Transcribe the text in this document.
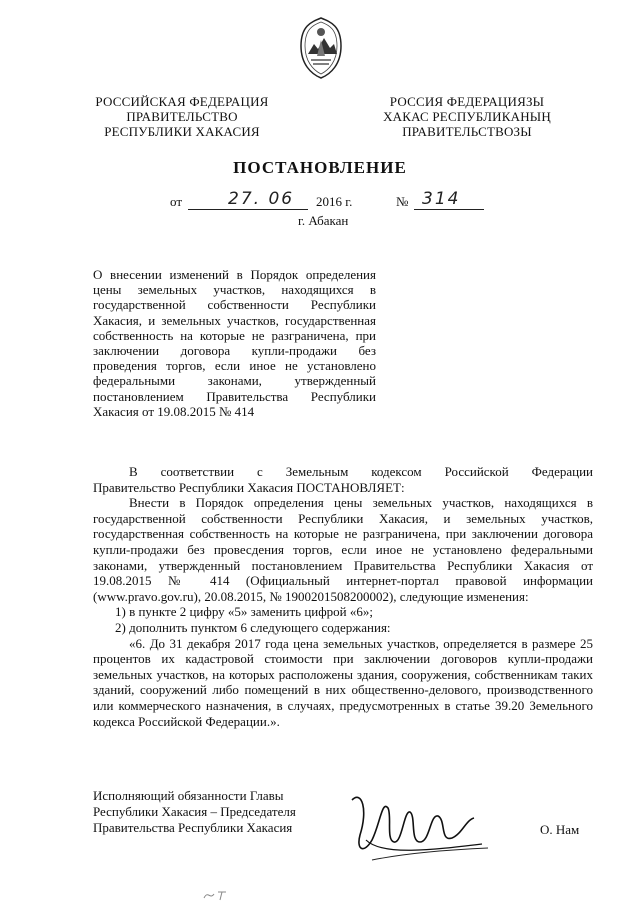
РОССИЙСКАЯ ФЕДЕРАЦИЯ
ПРАВИТЕЛЬСТВО
РЕСПУБЛИКИ ХАКАСИЯ
РОССИЯ ФЕДЕРАЦИЯЗЫ
ХАКАС РЕСПУБЛИКАНЫҢ
ПРАВИТЕЛЬСТВОЗЫ
ПОСТАНОВЛЕНИЕ
от	27. 06 2016 г.	№ 314
г. Абакан
О внесении изменений в Порядок определения цены земельных участков, находящихся в государственной собственности Республики Хакасия, и земельных участков, государственная собственность на которые не разграничена, при заключении договора купли-продажи без проведения торгов, если иное не установлено федеральными законами, утвержденный постановлением Правительства Республики Хакасия от 19.08.2015 № 414

В соответствии с Земельным кодексом Российской Федерации

Правительство Республики Хакасия ПОСТАНОВЛЯЕТ:

Внести в Порядок определения цены земельных участков, находящихся в государственной собственности Республики Хакасия, и земельных участков, государственная собственность на которые не разграничена, при заключении договора купли-продажи без провесдения торгов, если иное не установлено федеральными законами, утвержденный постановлением Правительства Республики Хакасия от 19.08.2015 № 414 (Официальный интернет-портал правовой информации (www.pravo.gov.ru), 20.08.2015, № 1900201508200002), следующие изменения:

1) в пункте 2 цифру «5» заменить цифрой «6»;

2) дополнить пунктом 6 следующего содержания:

«6. До 31 декабря 2017 года цена земельных участков, определяется в размере 25 процентов их кадастровой стоимости при заключении договоров купли-продажи земельных участков, на которых расположены здания, сооружения, собственникам таких зданий, сооружений либо помещений в них общественно-делового, производственного или коммерческого назначения, в случаях, предусмотренных в статье 39.20 Земельного кодекса Российской Федерации.».

Исполняющий обязанности Главы
Республики Хакасия – Председателя
Правительства Республики Хакасия	О. Нам
